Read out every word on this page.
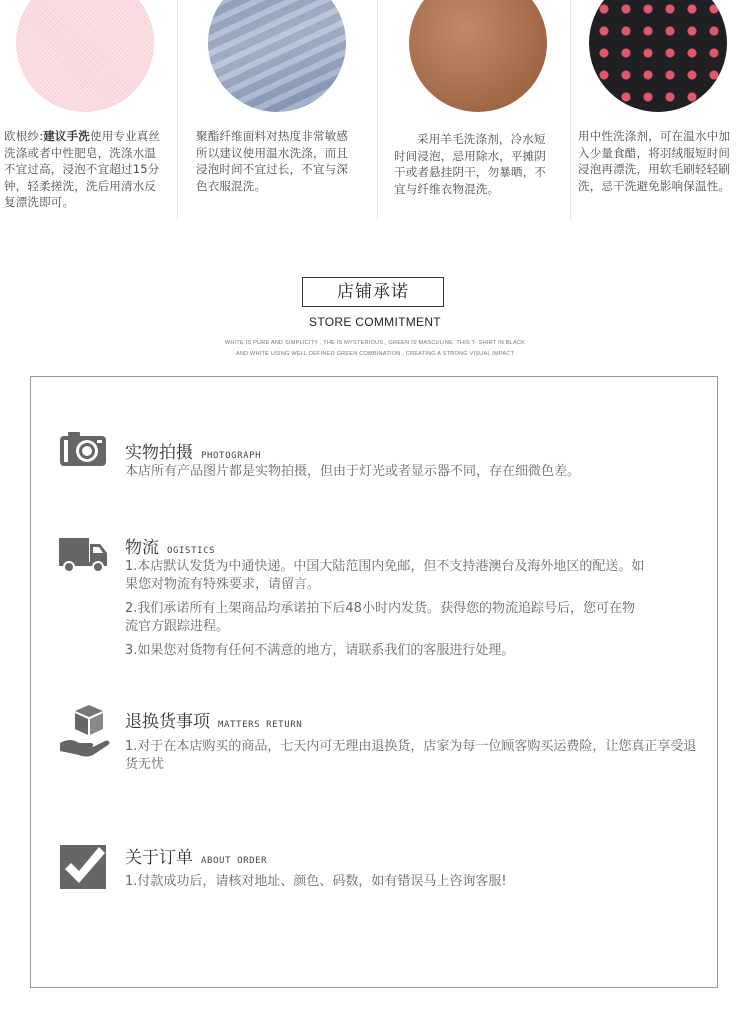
欧根纱:建议手洗使用专业真丝洗涤或者中性肥皂，洗涤水温不宜过高，浸泡不宜超过15分钟，轻柔搓洗，洗后用清水反复漂洗即可。
聚酯纤维面料对热度非常敏感所以建议使用温水洗涤，而且浸泡时间不宜过长，不宜与深色衣服混洗。
采用羊毛洗涤剂，冷水短时间浸泡，忌用除水，平摊阴干或者悬挂阴干，勿暴晒，不宜与纤维衣物混洗。
用中性洗涤剂，可在温水中加入少量食醋，将羽绒服短时间浸泡再漂洗，用软毛刷轻轻刷洗，忌干洗避免影响保温性。
店铺承诺
STORE COMMITMENT
WHITE IS PURE AND SIMPLICITY , THE IS MYSTERIOUS , GREEN IS MASCULINE. THIS T- SHIRT IN BLACK
AND WHITE USING WELL DEFINED GREEN COMBINATION , CREATING A STRONG VISUAL IMPACT
实物拍摄 PHOTOGRAPH

本店所有产品图片都是实物拍摄，但由于灯光或者显示器不同，存在细微色差。

物流 OGISTICS

1.本店默认发货为中通快递。中国大陆范围内免邮，但不支持港澳台及海外地区的配送。如果您对物流有特殊要求，请留言。

2.我们承诺所有上架商品均承诺拍下后48小时内发货。获得您的物流追踪号后，您可在物流官方跟踪进程。

3.如果您对货物有任何不满意的地方，请联系我们的客服进行处理。

退换货事项 MATTERS RETURN

1.对于在本店购买的商品，七天内可无理由退换货，店家为每一位顾客购买运费险，让您真正享受退货无忧

关于订单 ABOUT ORDER

1.付款成功后，请核对地址、颜色、码数，如有错误马上咨询客服!
